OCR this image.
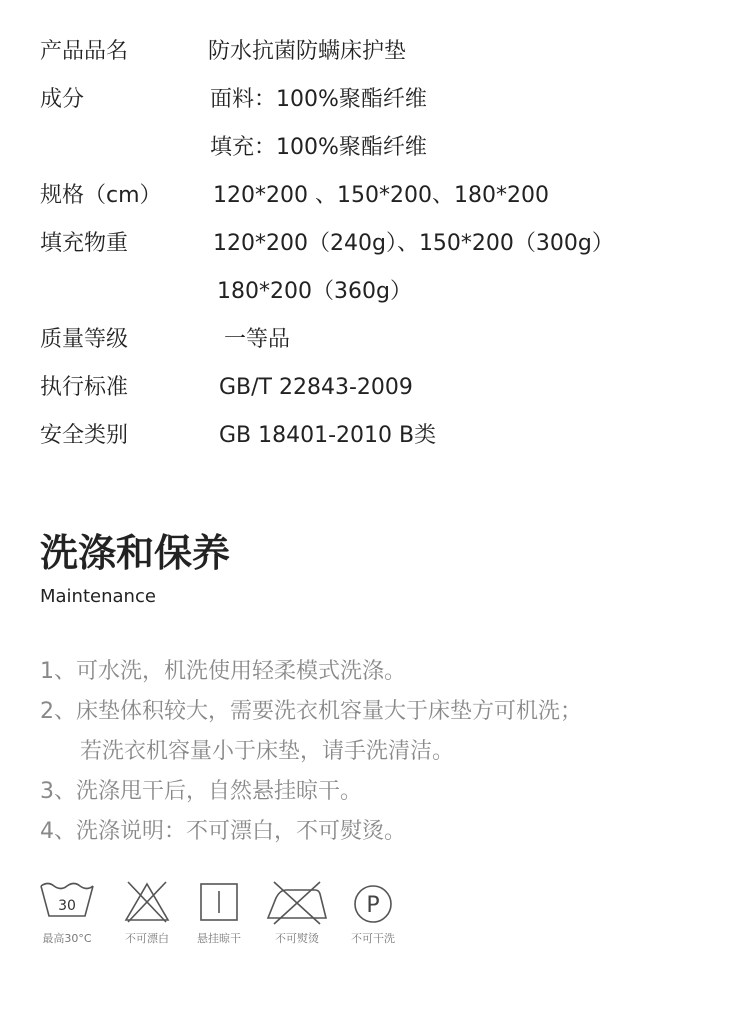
产品品名	防水抗菌防螨床护垫
成分	面料：100%聚酯纤维
填充：100%聚酯纤维
规格（cm） 120*200 、150*200、180*200
填充物重	120*200（240g）、150*200（300g）
180*200（360g）
质量等级	一等品
执行标准	GB/T 22843-2009
安全类别	GB 18401-2010 B类
洗涤和保养
Maintenance
1、可水洗，机洗使用轻柔模式洗涤。
2、床垫体积较大，需要洗衣机容量大于床垫方可机洗；
若洗衣机容量小于床垫，请手洗清洁。
3、洗涤甩干后，自然悬挂晾干。
4、洗涤说明：不可漂白，不可熨烫。
30
最高30°C	不可漂白	悬挂晾干	不可熨烫
P
不可干洗
